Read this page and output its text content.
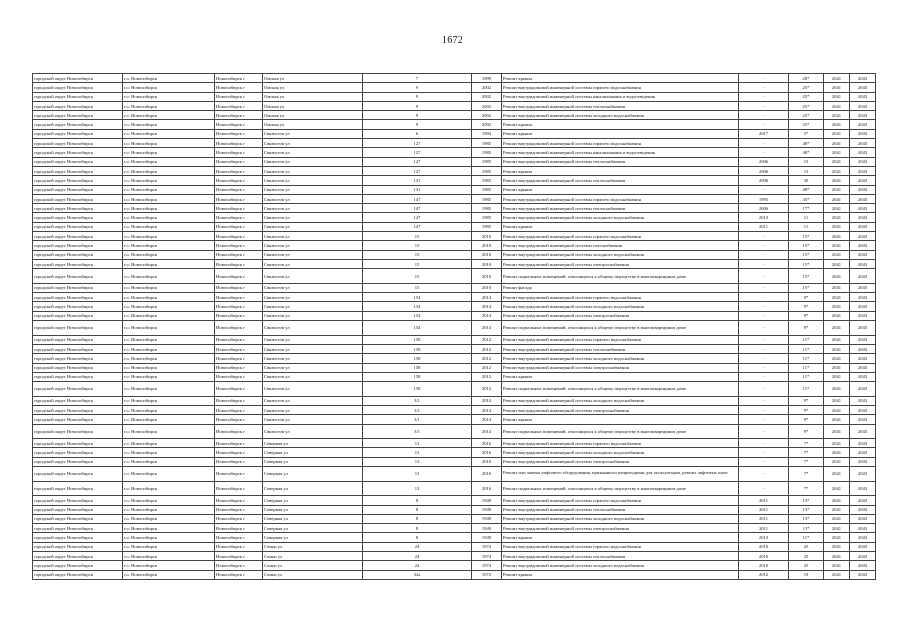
1672
городской округ Новосибирск	г.о. Новосибирск	Новосибирск г	Омская ул	7	1999	Ремонт крыши	-	28*	2041	2043
городской округ Новосибирск	г.о. Новосибирск	Новосибирск г	Омская ул	9	2002	Ремонт внутридомовой инженерной системы горячего водоснабжения	-	25*	2041	2043
городской округ Новосибирск	г.о. Новосибирск	Новосибирск г	Омская ул	9	2002	Ремонт внутридомовой инженерной системы канализования и водоотведения	-	25*	2041	2043
городской округ Новосибирск	г.о. Новосибирск	Новосибирск г	Омская ул	9	2002	Ремонт внутридомовой инженерной системы теплоснабжения	-	25*	2041	2043
городской округ Новосибирск	г.о. Новосибирск	Новосибирск г	Омская ул	9	2002	Ремонт внутридомовой инженерной системы холодного водоснабжения	-	25*	2041	2043
городской округ Новосибирск	г.о. Новосибирск	Новосибирск г	Омская ул	9	2002	Ремонт крыши	-	25*	2041	2043
городской округ Новосибирск	г.о. Новосибирск	Новосибирск г	Связистов ул	6	1994	Ремонт крыши	2017	5*	2041	2043
городской округ Новосибирск	г.о. Новосибирск	Новосибирск г	Связистов ул	127	1985	Ремонт внутридомовой инженерной системы горячего водоснабжения	-	48*	2041	2043
городской округ Новосибирск	г.о. Новосибирск	Новосибирск г	Связистов ул	127	1985	Ремонт внутридомовой инженерной системы канализования и водоотведения	-	48*	2041	2043
городской округ Новосибирск	г.о. Новосибирск	Новосибирск г	Связистов ул	127	1985	Ремонт внутридомовой инженерной системы теплоснабжения	2006	15	2041	2043
городской округ Новосибирск	г.о. Новосибирск	Новосибирск г	Связистов ул	127	1985	Ремонт крыши	2006	15	2041	2043
городской округ Новосибирск	г.о. Новосибирск	Новосибирск г	Связистов ул	131	1985	Ремонт внутридомовой инженерной системы теплоснабжения	2006	30	2041	2043
городской округ Новосибирск	г.о. Новосибирск	Новосибирск г	Связистов ул	131	1985	Ремонт крыши	-	48*	2041	2043
городской округ Новосибирск	г.о. Новосибирск	Новосибирск г	Связистов ул	147	1985	Ремонт внутридомовой инженерной системы горячего водоснабжения	1995	35*	2041	2043
городской округ Новосибирск	г.о. Новосибирск	Новосибирск г	Связистов ул	147	1985	Ремонт внутридомовой инженерной системы теплоснабжения	2006	17*	2041	2043
городской округ Новосибирск	г.о. Новосибирск	Новосибирск г	Связистов ул	147	1985	Ремонт внутридомовой инженерной системы холодного водоснабжения	2013	11	2041	2043
городской округ Новосибирск	г.о. Новосибирск	Новосибирск г	Связистов ул	147	1985	Ремонт крыши	2011	11	2041	2043
городской округ Новосибирск	г.о. Новосибирск	Новосибирск г	Связистов ул	15	2010	Ремонт внутридомовой инженерной системы горячего водоснабжения	-	15*	2041	2043
городской округ Новосибирск	г.о. Новосибирск	Новосибирск г	Связистов ул	15	2010	Ремонт внутридомовой инженерной системы газоснабжения	-	15*	2041	2043
городской округ Новосибирск	г.о. Новосибирск	Новосибирск г	Связистов ул	15	2010	Ремонт внутридомовой инженерной системы холодного водоснабжения	-	15*	2041	2043
городской округ Новосибирск	г.о. Новосибирск	Новосибирск г	Связистов ул	15	2010	Ремонт внутридомовой инженерной системы электроснабжения	-	15*	2041	2043
городской округ Новосибирск	г.о. Новосибирск	Новосибирск г	Связистов ул	15	2010	Ремонт подвальных помещений, относящихся к общему имуществу в многоквартирном доме	-	15*	2041	2043
городской округ Новосибирск	г.о. Новосибирск	Новосибирск г	Связистов ул	15	2010	Ремонт фасада	-	15*	2041	2043
городской округ Новосибирск	г.о. Новосибирск	Новосибирск г	Связистов ул	154	2014	Ремонт внутридомовой инженерной системы горячего водоснабжения	-	9*	2041	2043
городской округ Новосибирск	г.о. Новосибирск	Новосибирск г	Связистов ул	154	2014	Ремонт внутридомовой инженерной системы холодного водоснабжения	-	9*	2041	2043
городской округ Новосибирск	г.о. Новосибирск	Новосибирск г	Связистов ул	154	2014	Ремонт внутридомовой инженерной системы электроснабжения	-	9*	2041	2043
городской округ Новосибирск	г.о. Новосибирск	Новосибирск г	Связистов ул	154	2014	Ремонт подвальных помещений, относящихся к общему имуществу в многоквартирном доме	-	9*	2041	2043
городской округ Новосибирск	г.о. Новосибирск	Новосибирск г	Связистов ул	158	2012	Ремонт внутридомовой инженерной системы горячего водоснабжения	-	11*	2041	2043
городской округ Новосибирск	г.о. Новосибирск	Новосибирск г	Связистов ул	158	2012	Ремонт внутридомовой инженерной системы теплоснабжения	-	11*	2041	2043
городской округ Новосибирск	г.о. Новосибирск	Новосибирск г	Связистов ул	158	2012	Ремонт внутридомовой инженерной системы холодного водоснабжения	-	11*	2041	2043
городской округ Новосибирск	г.о. Новосибирск	Новосибирск г	Связистов ул	158	2012	Ремонт внутридомовой инженерной системы электроснабжения	-	11*	2041	2043
городской округ Новосибирск	г.о. Новосибирск	Новосибирск г	Связистов ул	158	2012	Ремонт крыши	-	11*	2041	2043
городской округ Новосибирск	г.о. Новосибирск	Новосибирск г	Связистов ул	158	2012	Ремонт подвальных помещений, относящихся к общему имуществу в многоквартирном доме	-	11*	2041	2043
городской округ Новосибирск	г.о. Новосибирск	Новосибирск г	Связистов ул	3/1	2014	Ремонт внутридомовой инженерной системы холодного водоснабжения	-	9*	2041	2043
городской округ Новосибирск	г.о. Новосибирск	Новосибирск г	Связистов ул	3/1	2014	Ремонт внутридомовой инженерной системы электроснабжения	-	9*	2041	2043
городской округ Новосибирск	г.о. Новосибирск	Новосибирск г	Связистов ул	3/1	2014	Ремонт крыши	-	9*	2041	2043
городской округ Новосибирск	г.о. Новосибирск	Новосибирск г	Связистов ул	3/1	2014	Ремонт подвальных помещений, относящихся к общему имуществу в многоквартирном доме	-	9*	2041	2043
городской округ Новосибирск	г.о. Новосибирск	Новосибирск г	Северная ул	13	2016	Ремонт внутридомовой инженерной системы горячего водоснабжения	-	7*	2041	2043
городской округ Новосибирск	г.о. Новосибирск	Новосибирск г	Северная ул	13	2016	Ремонт внутридомовой инженерной системы холодного водоснабжения	-	7*	2041	2043
городской округ Новосибирск	г.о. Новосибирск	Новосибирск г	Северная ул	13	2016	Ремонт внутридомовой инженерной системы электроснабжения	-	7*	2041	2043
городской округ Новосибирск	г.о. Новосибирск	Новосибирск г	Северная ул	13	2016	Ремонт или замена лифтового оборудования, признанного непригодным для эксплуатации, ремонт лифтовых шахт	-	7*	2041	2043
городской округ Новосибирск	г.о. Новосибирск	Новосибирск г	Северная ул	13	2016	Ремонт подвальных помещений, относящихся к общему имуществу в многоквартирном доме	-	7*	2041	2043
городской округ Новосибирск	г.о. Новосибирск	Новосибирск г	Северная ул	8	1949	Ремонт внутридомовой инженерной системы горячего водоснабжения	2011	13*	2041	2043
городской округ Новосибирск	г.о. Новосибирск	Новосибирск г	Северная ул	8	1949	Ремонт внутридомовой инженерной системы теплоснабжения	2011	13*	2041	2043
городской округ Новосибирск	г.о. Новосибирск	Новосибирск г	Северная ул	8	1949	Ремонт внутридомовой инженерной системы холодного водоснабжения	2011	13*	2041	2043
городской округ Новосибирск	г.о. Новосибирск	Новосибирск г	Северная ул	8	1949	Ремонт внутридомовой инженерной системы электроснабжения	2011	13*	2041	2043
городской округ Новосибирск	г.о. Новосибирск	Новосибирск г	Северная ул	8	1949	Ремонт крыши	2013	11*	2041	2043
городской округ Новосибирск	г.о. Новосибирск	Новосибирск г	Семьи ул	24	1974	Ремонт внутридомовой инженерной системы горячего водоснабжения	2010	25	2041	2043
городской округ Новосибирск	г.о. Новосибирск	Новосибирск г	Семьи ул	24	1974	Ремонт внутридомовой инженерной системы теплоснабжения	2010	25	2041	2043
городской округ Новосибирск	г.о. Новосибирск	Новосибирск г	Семьи ул	24	1974	Ремонт внутридомовой инженерной системы холодного водоснабжения	2010	25	2041	2043
городской округ Новосибирск	г.о. Новосибирск	Новосибирск г	Семьи ул	32а	1972	Ремонт крыши	2012	19	2041	2043
